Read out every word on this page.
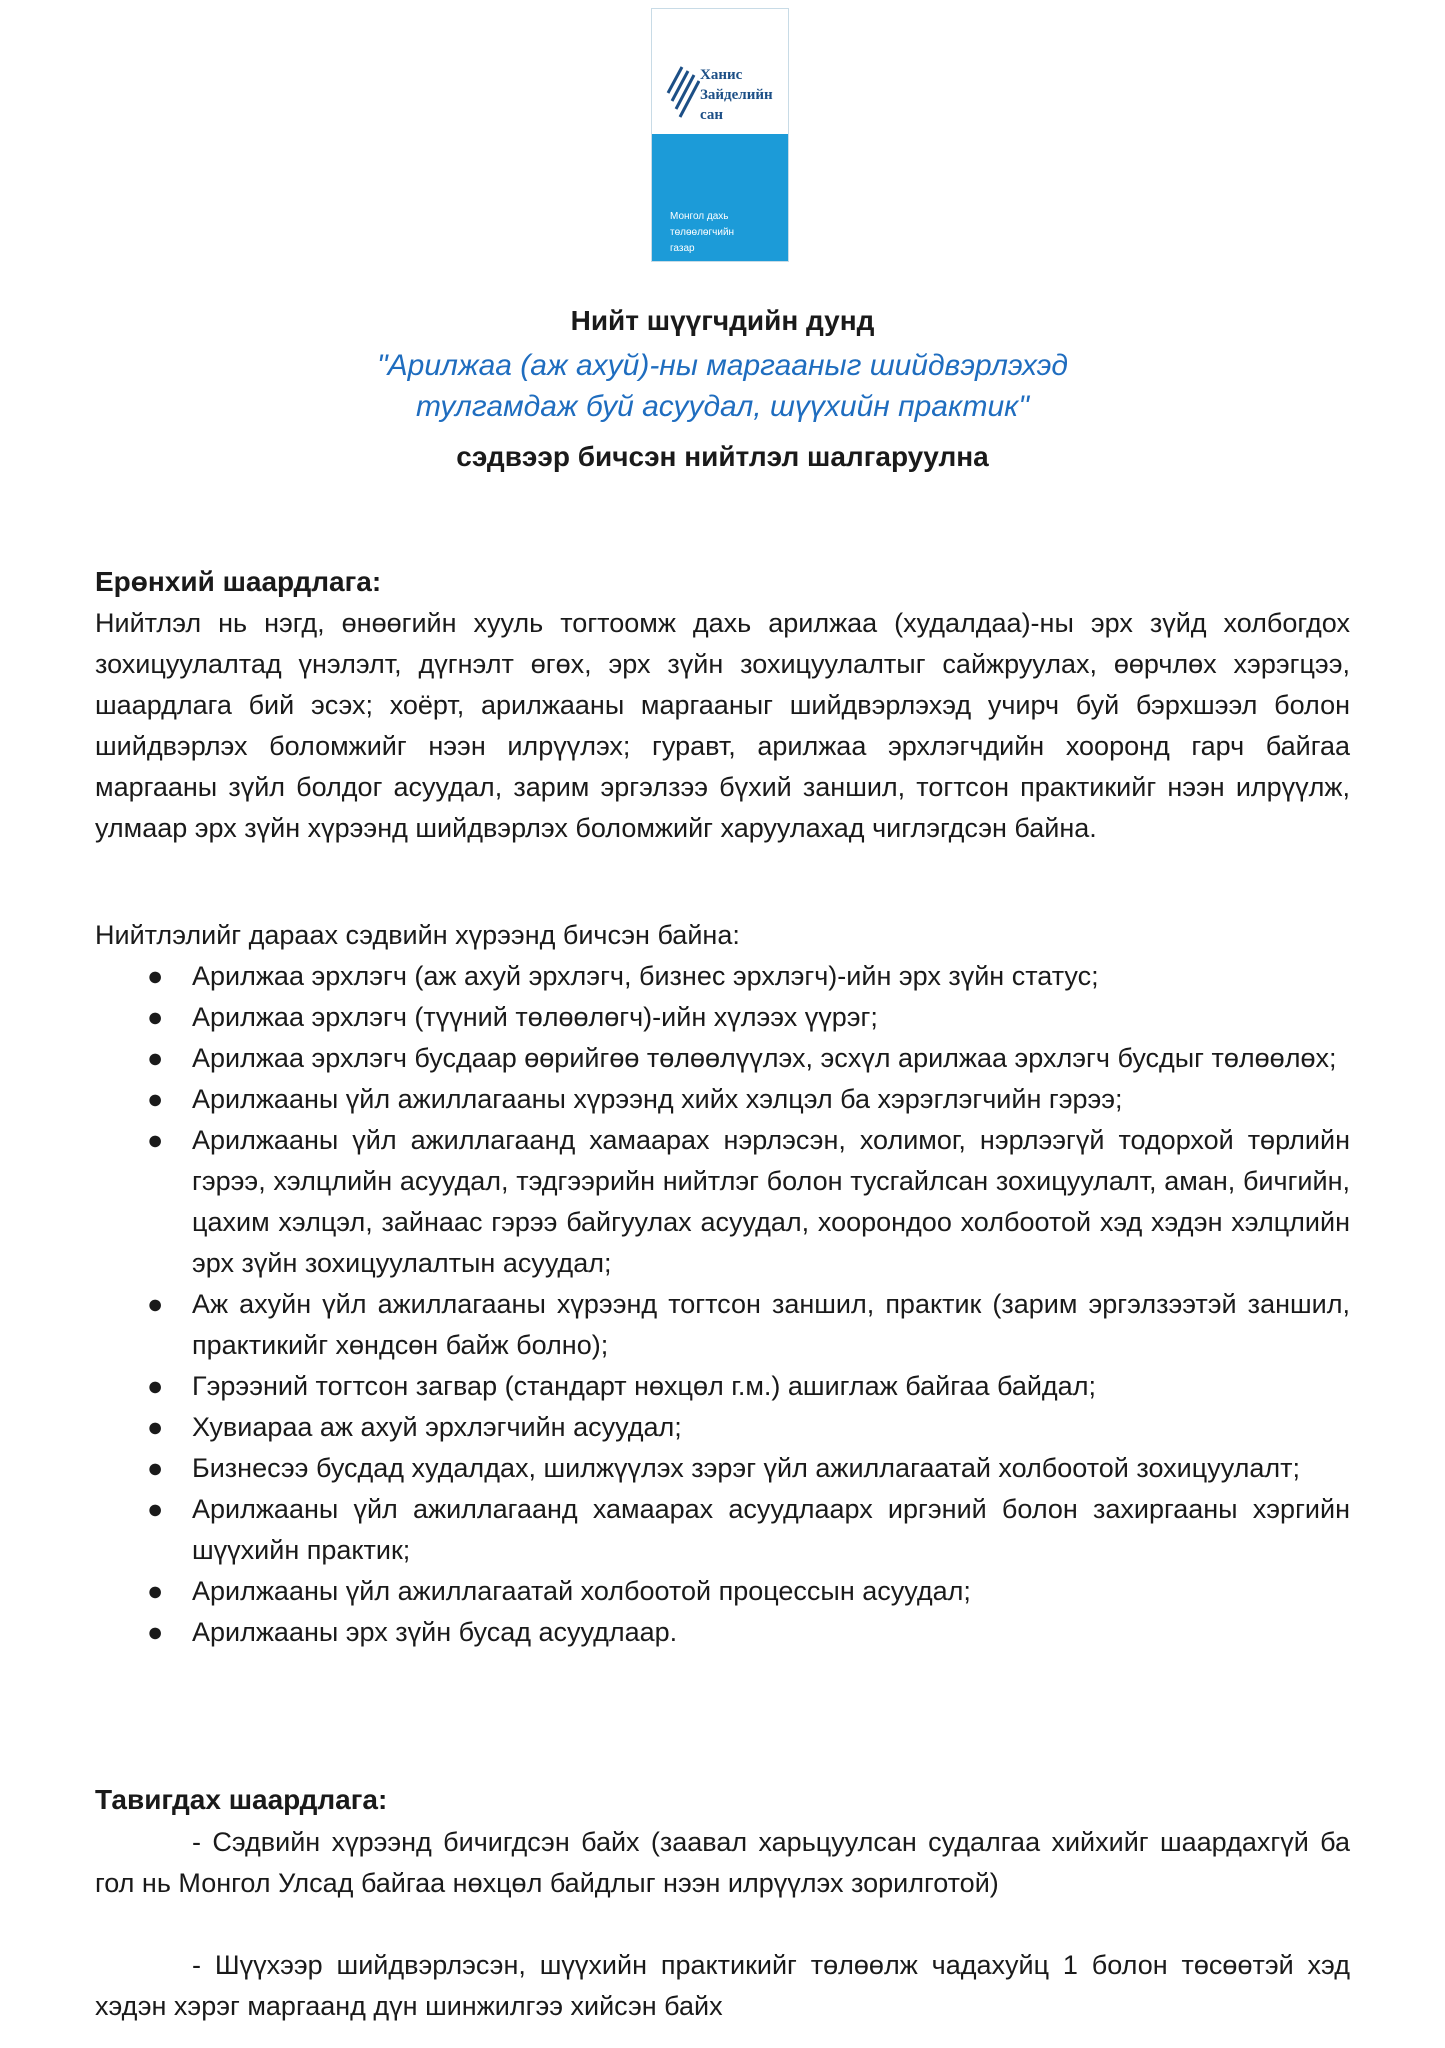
Ханис
Зайделийн
сан
Монгол дахь
төлөөлөгчийн
газар
Нийт шүүгчдийн дунд
"Арилжаа (аж ахуй)-ны маргааныг шийдвэрлэхэд
тулгамдаж буй асуудал, шүүхийн практик"
сэдвээр бичсэн нийтлэл шалгаруулна
Ерөнхий шаардлага:
Нийтлэл нь нэгд, өнөөгийн хууль тогтоомж дахь арилжаа (худалдаа)-ны эрх зүйд холбогдох зохицуулалтад үнэлэлт, дүгнэлт өгөх, эрх зүйн зохицуулалтыг сайжруулах, өөрчлөх хэрэгцээ, шаардлага бий эсэх; хоёрт, арилжааны маргааныг шийдвэрлэхэд учирч буй бэрхшээл болон шийдвэрлэх боломжийг нээн илрүүлэх; гуравт, арилжаа эрхлэгчдийн хооронд гарч байгаа маргааны зүйл болдог асуудал, зарим эргэлзээ бүхий заншил, тогтсон практикийг нээн илрүүлж, улмаар эрх зүйн хүрээнд шийдвэрлэх боломжийг харуулахад чиглэгдсэн байна.
Нийтлэлийг дараах сэдвийн хүрээнд бичсэн байна:
● Арилжаа эрхлэгч (аж ахуй эрхлэгч, бизнес эрхлэгч)-ийн эрх зүйн статус;
● Арилжаа эрхлэгч (түүний төлөөлөгч)-ийн хүлээх үүрэг;
● Арилжаа эрхлэгч бусдаар өөрийгөө төлөөлүүлэх, эсхүл арилжаа эрхлэгч бусдыг төлөөлөх;
● Арилжааны үйл ажиллагааны хүрээнд хийх хэлцэл ба хэрэглэгчийн гэрээ;
● Арилжааны үйл ажиллагаанд хамаарах нэрлэсэн, холимог, нэрлээгүй тодорхой төрлийн гэрээ, хэлцлийн асуудал, тэдгээрийн нийтлэг болон тусгайлсан зохицуулалт, аман, бичгийн, цахим хэлцэл, зайнаас гэрээ байгуулах асуудал, хоорондоо холбоотой хэд хэдэн хэлцлийн эрх зүйн зохицуулалтын асуудал;
● Аж ахуйн үйл ажиллагааны хүрээнд тогтсон заншил, практик (зарим эргэлзээтэй заншил, практикийг хөндсөн байж болно);
● Гэрээний тогтсон загвар (стандарт нөхцөл г.м.) ашиглаж байгаа байдал;
● Хувиараа аж ахуй эрхлэгчийн асуудал;
● Бизнесээ бусдад худалдах, шилжүүлэх зэрэг үйл ажиллагаатай холбоотой зохицуулалт;
● Арилжааны үйл ажиллагаанд хамаарах асуудлаарх иргэний болон захиргааны хэргийн шүүхийн практик;
● Арилжааны үйл ажиллагаатай холбоотой процессын асуудал;
● Арилжааны эрх зүйн бусад асуудлаар.
Тавигдах шаардлага:
- Сэдвийн хүрээнд бичигдсэн байх (заавал харьцуулсан судалгаа хийхийг шаардахгүй ба гол нь Монгол Улсад байгаа нөхцөл байдлыг нээн илрүүлэх зорилготой)
- Шүүхээр шийдвэрлэсэн, шүүхийн практикийг төлөөлж чадахуйц 1 болон төсөөтэй хэд хэдэн хэрэг маргаанд дүн шинжилгээ хийсэн байх
